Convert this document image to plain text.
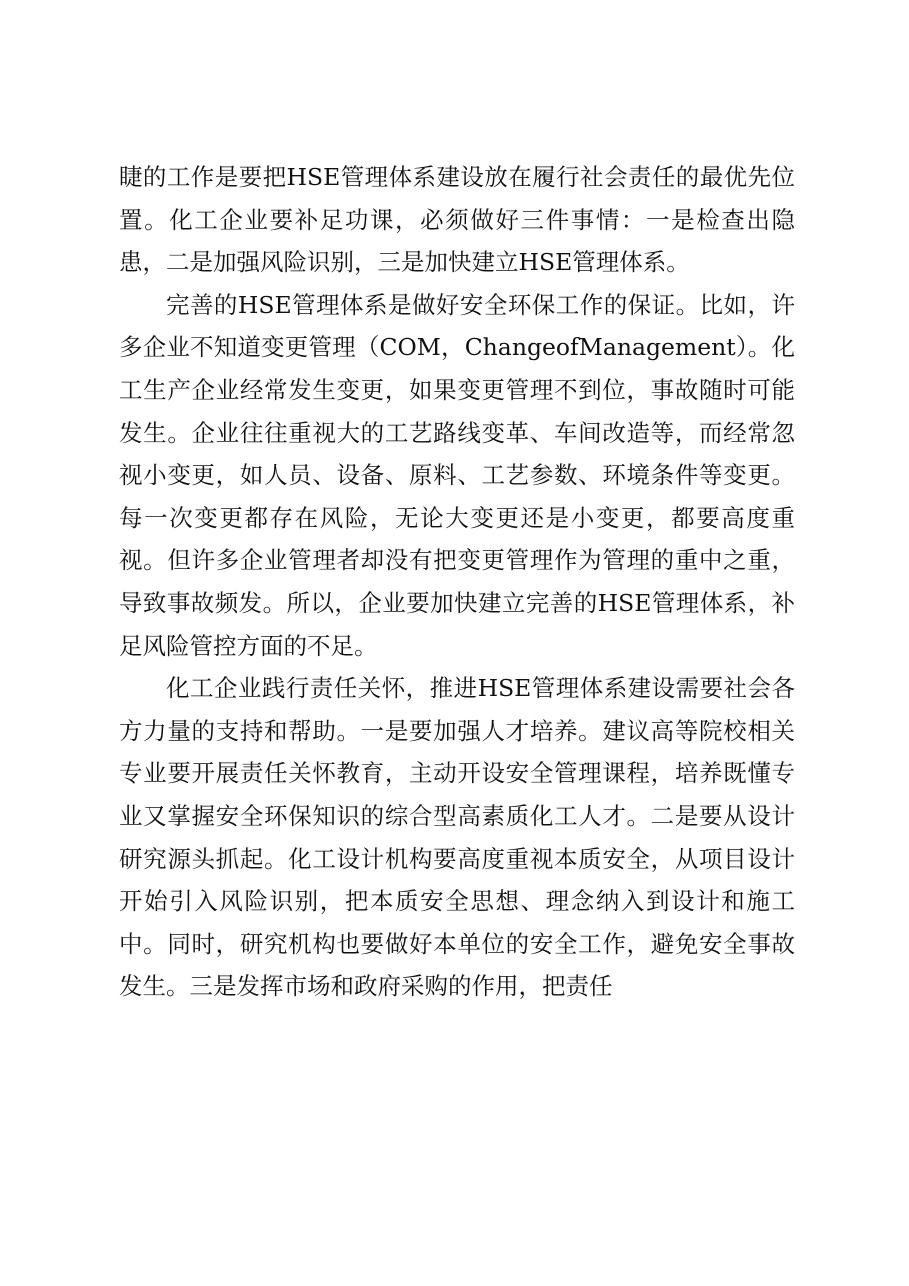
睫的工作是要把HSE管理体系建设放在履行社会责任的最优先位置。化工企业要补足功课，必须做好三件事情：一是检查出隐患，二是加强风险识别，三是加快建立HSE管理体系。

完善的HSE管理体系是做好安全环保工作的保证。比如，许多企业不知道变更管理（COM，ChangeofManagement）。化工生产企业经常发生变更，如果变更管理不到位，事故随时可能发生。企业往往重视大的工艺路线变革、车间改造等，而经常忽视小变更，如人员、设备、原料、工艺参数、环境条件等变更。每一次变更都存在风险，无论大变更还是小变更，都要高度重视。但许多企业管理者却没有把变更管理作为管理的重中之重，导致事故频发。所以，企业要加快建立完善的HSE管理体系，补足风险管控方面的不足。

化工企业践行责任关怀，推进HSE管理体系建设需要社会各方力量的支持和帮助。一是要加强人才培养。建议高等院校相关专业要开展责任关怀教育，主动开设安全管理课程，培养既懂专业又掌握安全环保知识的综合型高素质化工人才。二是要从设计研究源头抓起。化工设计机构要高度重视本质安全，从项目设计开始引入风险识别，把本质安全思想、理念纳入到设计和施工中。同时，研究机构也要做好本单位的安全工作，避免安全事故发生。三是发挥市场和政府采购的作用，把责任
